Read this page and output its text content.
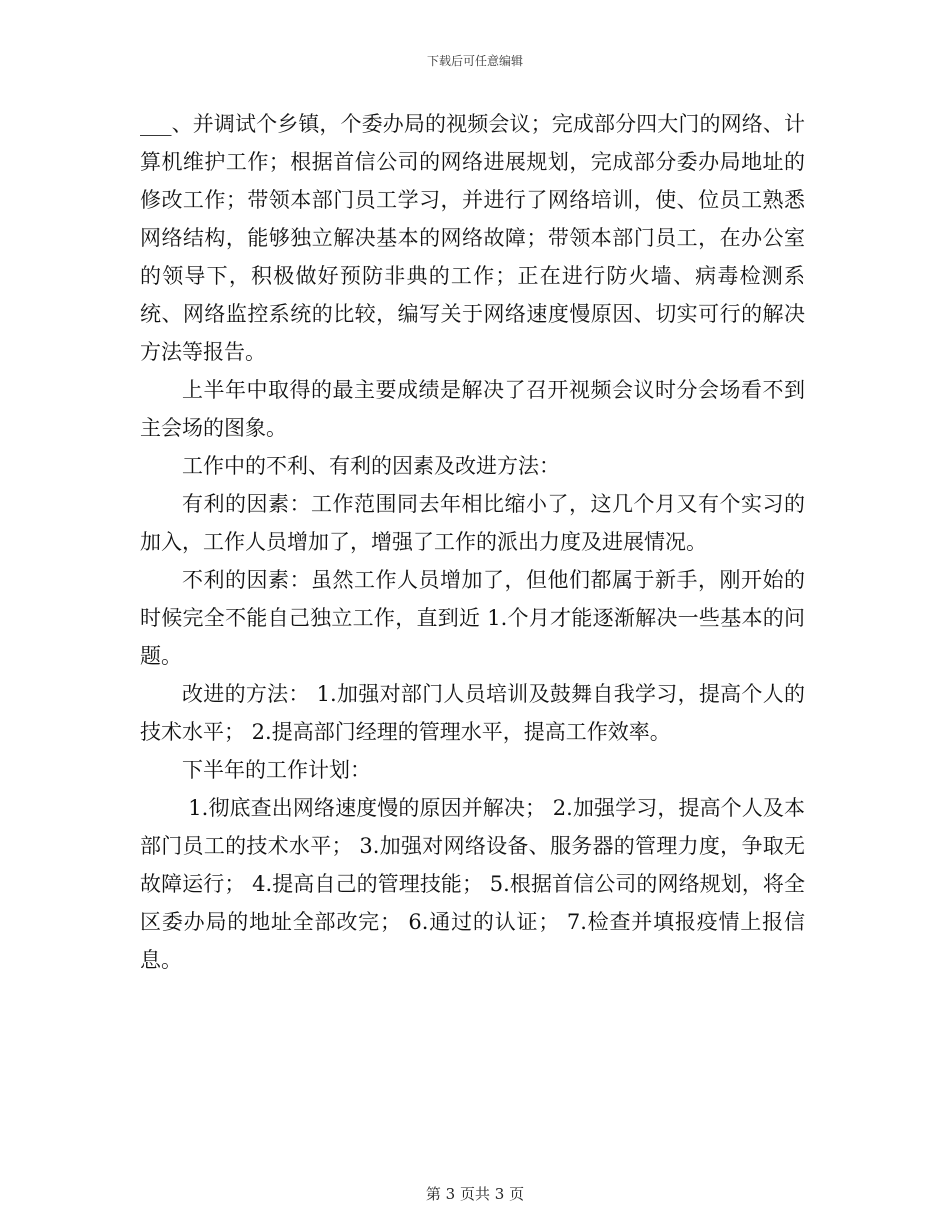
下载后可任意编辑

___、并调试个乡镇，个委办局的视频会议；完成部分四大门的网络、计算机维护工作；根据首信公司的网络进展规划，完成部分委办局地址的修改工作；带领本部门员工学习，并进行了网络培训，使、位员工熟悉网络结构，能够独立解决基本的网络故障；带领本部门员工，在办公室的领导下，积极做好预防非典的工作；正在进行防火墙、病毒检测系统、网络监控系统的比较，编写关于网络速度慢原因、切实可行的解决方法等报告。

上半年中取得的最主要成绩是解决了召开视频会议时分会场看不到主会场的图象。

工作中的不利、有利的因素及改进方法：

有利的因素：工作范围同去年相比缩小了，这几个月又有个实习的加入，工作人员增加了，增强了工作的派出力度及进展情况。

不利的因素：虽然工作人员增加了，但他们都属于新手，刚开始的时候完全不能自己独立工作，直到近 1.个月才能逐渐解决一些基本的问题。

改进的方法： 1.加强对部门人员培训及鼓舞自我学习，提高个人的技术水平； 2.提高部门经理的管理水平，提高工作效率。

下半年的工作计划：

1.彻底查出网络速度慢的原因并解决； 2.加强学习，提高个人及本部门员工的技术水平； 3.加强对网络设备、服务器的管理力度，争取无故障运行； 4.提高自己的管理技能； 5.根据首信公司的网络规划，将全区委办局的地址全部改完； 6.通过的认证； 7.检查并填报疫情上报信息。

第 3 页共 3 页
